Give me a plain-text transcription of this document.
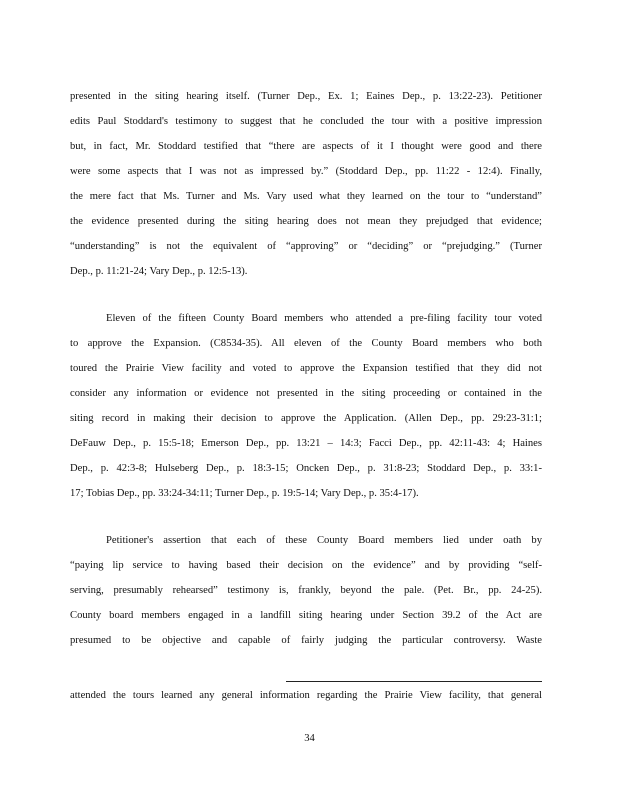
presented in the siting hearing itself. (Turner Dep., Ex. 1; Eaines Dep., p. 13:22-23). Petitioner
edits Paul Stoddard's testimony to suggest that he concluded the tour with a positive impression
but, in fact, Mr. Stoddard testified that “there are aspects of it I thought were good and there
were some aspects that I was not as impressed by.” (Stoddard Dep., pp. 11:22 - 12:4). Finally,
the mere fact that Ms. Turner and Ms. Vary used what they learned on the tour to “understand”
the evidence presented during the siting hearing does not mean they prejudged that evidence;
“understanding” is not the equivalent of “approving” or “deciding” or “prejudging.” (Turner
Dep., p. 11:21-24; Vary Dep., p. 12:5-13).
Eleven of the fifteen County Board members who attended a pre-filing facility tour voted
to approve the Expansion. (C8534-35). All eleven of the County Board members who both
toured the Prairie View facility and voted to approve the Expansion testified that they did not
consider any information or evidence not presented in the siting proceeding or contained in the
siting record in making their decision to approve the Application. (Allen Dep., pp. 29:23-31:1;
DeFauw Dep., p. 15:5-18; Emerson Dep., pp. 13:21 – 14:3; Facci Dep., pp. 42:11-43: 4; Haines
Dep., p. 42:3-8; Hulseberg Dep., p. 18:3-15; Oncken Dep., p. 31:8-23; Stoddard Dep., p. 33:1-
17; Tobias Dep., pp. 33:24-34:11; Turner Dep., p. 19:5-14; Vary Dep., p. 35:4-17).
Petitioner's assertion that each of these County Board members lied under oath by
“paying lip service to having based their decision on the evidence” and by providing “self-
serving, presumably rehearsed” testimony is, frankly, beyond the pale. (Pet. Br., pp. 24-25).
County board members engaged in a landfill siting hearing under Section 39.2 of the Act are
presumed to be objective and capable of fairly judging the particular controversy. Waste
attended the tours learned any general information regarding the Prairie View facility, that general
34
